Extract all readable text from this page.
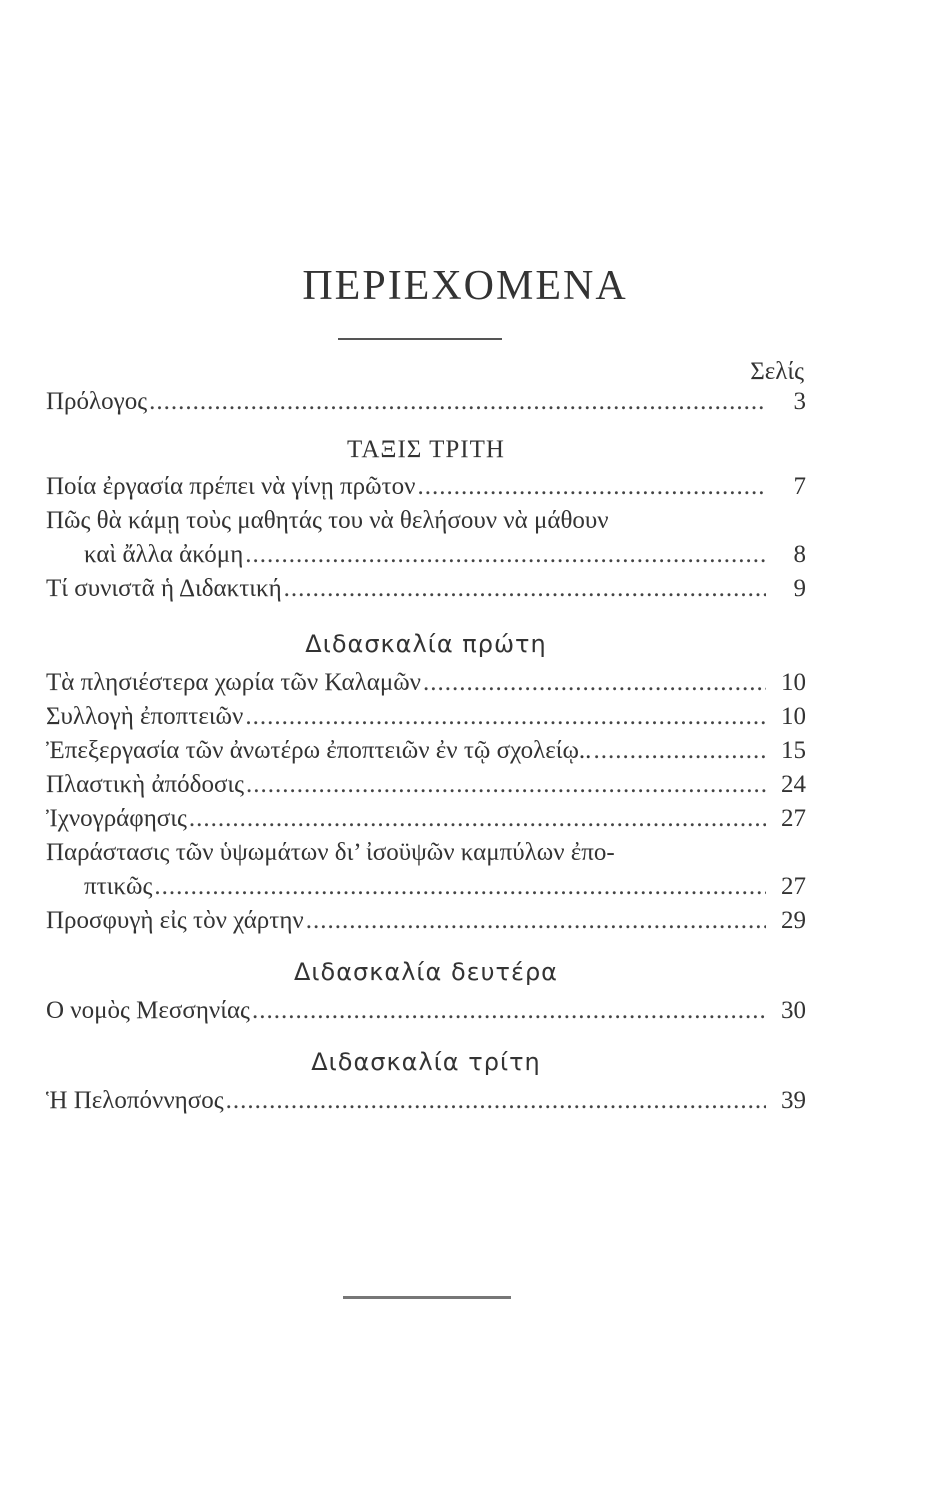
ΠΕΡΙΕΧΟΜΕΝΑ
Σελίς
Πρόλογος .....	3
ΤΑΞΙΣ ΤΡΙΤΗ
Ποία ἐργασία πρέπει νὰ γίνῃ πρῶτον .....	7
Πῶς θὰ κάμῃ τοὺς μαθητάς του νὰ θελήσουν νὰ μάθουν
καὶ ἄλλα ἀκόμη .....	8
Τί συνιστᾶ ἡ Διδακτική .....	9
Διδασκαλία πρώτη
Τὰ πλησιέστερα χωρία τῶν Καλαμῶν .....	10
Συλλογὴ ἐποπτειῶν .....	10
Ἐπεξεργασία τῶν ἀνωτέρω ἐποπτειῶν ἐν τῷ σχολείῳ.. .....	15
Πλαστικὴ ἀπόδοσις .....	24
Ἰχνογράφησις .....	27
Παράστασις τῶν ὑψωμάτων δι’ ἰσοϋψῶν καμπύλων ἐπο-
πτικῶς .....	27
Προσφυγὴ εἰς τὸν χάρτην .....	29
Διδασκαλία δευτέρα
Ο νομὸς Μεσσηνίας .....	30
Διδασκαλία τρίτη
Ἡ Πελοπόννησος .....	39
